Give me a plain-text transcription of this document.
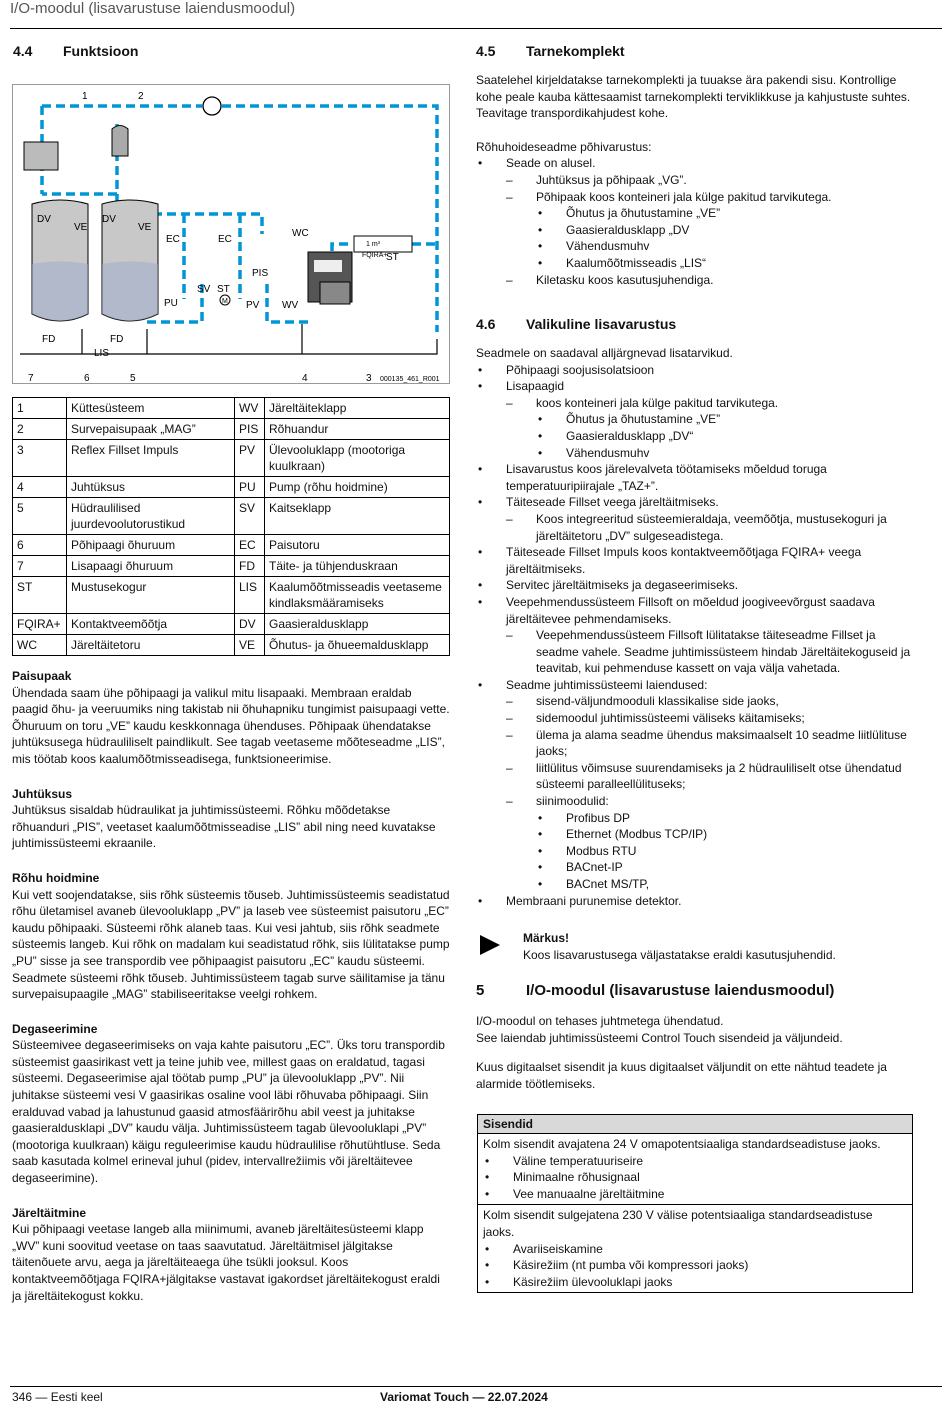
I/O-moodul (lisavarustuse laiendusmoodul)
4.4 Funktsioon
1	2
DV
VE
DV
VE
EC	EC
WC
PIS
SV ST
PU	M PV WV
FD	FD
LIS
ST
FQIRA+
1 m³
7	6	5	4	3 000135_461_R001
1	Küttesüsteem	WV	Järeltäiteklapp
2	Survepaisupaak „MAG”	PIS	Rõhuandur
3	Reflex Fillset Impuls	PV	Ülevooluklapp (mootoriga kuulkraan)
4	Juhtüksus	PU	Pump (rõhu hoidmine)
5	Hüdraulilised juurdevoolutorustikud	SV	Kaitseklapp
6	Põhipaagi õhuruum	EC	Paisutoru
7	Lisapaagi õhuruum	FD	Täite- ja tühjenduskraan
ST	Mustusekogur	LIS	Kaalumõõtmisseadis veetaseme kindlaksmääramiseks
FQIRA+	Kontaktveemõõtja	DV	Gaasieraldusklapp
WC	Järeltäitetoru	VE	Õhutus- ja õhueemaldusklapp

Paisupaak

Ühendada saam ühe põhipaagi ja valikul mitu lisapaaki. Membraan eraldab paagid õhu- ja veeruumiks ning takistab nii õhuhapniku tungimist paisupaagi vette. Õhuruum on toru „VE” kaudu keskkonnaga ühenduses. Põhipaak ühendatakse juhtüksusega hüdrauliliselt paindlikult. See tagab veetaseme mõõteseadme „LIS”, mis töötab koos kaalumõõtmisseadisega, funktsioneerimise.

Juhtüksus

Juhtüksus sisaldab hüdraulikat ja juhtimissüsteemi. Rõhku mõõdetakse rõhuanduri „PIS”, veetaset kaalumõõtmisseadise „LIS” abil ning need kuvatakse juhtimissüsteemi ekraanile.

Rõhu hoidmine

Kui vett soojendatakse, siis rõhk süsteemis tõuseb. Juhtimissüsteemis seadistatud rõhu ületamisel avaneb ülevooluklapp „PV” ja laseb vee süsteemist paisutoru „EC” kaudu põhipaaki. Süsteemi rõhk alaneb taas. Kui vesi jahtub, siis rõhk seadmete süsteemis langeb. Kui rõhk on madalam kui seadistatud rõhk, siis lülitatakse pump „PU” sisse ja see transpordib vee põhipaagist paisutoru „EC” kaudu süsteemi. Seadmete süsteemi rõhk tõuseb. Juhtimissüsteem tagab surve säilitamise ja tänu survepaisupaagile „MAG” stabiliseeritakse veelgi rohkem.

Degaseerimine

Süsteemivee degaseerimiseks on vaja kahte paisutoru „EC”. Üks toru transpordib süsteemist gaasirikast vett ja teine juhib vee, millest gaas on eraldatud, tagasi süsteemi. Degaseerimise ajal töötab pump „PU” ja ülevooluklapp „PV”. Nii juhitakse süsteemi vesi V gaasirikas osaline vool läbi rõhuvaba põhipaagi. Siin eralduvad vabad ja lahustunud gaasid atmosfäärirõhu abil veest ja juhitakse gaasieraldusklapi „DV” kaudu välja. Juhtimissüsteem tagab ülevooluklapi „PV” (mootoriga kuulkraan) käigu reguleerimise kaudu hüdraulilise rõhutühtluse. Seda saab kasutada kolmel erineval juhul (pidev, intervallrežiimis või järeltäitevee degaseerimine).

Järeltäitmine

Kui põhipaagi veetase langeb alla miinimumi, avaneb järeltäitesüsteemi klapp „WV” kuni soovitud veetase on taas saavutatud. Järeltäitmisel jälgitakse täitenõuete arvu, aega ja järeltäiteaega ühe tsükli jooksul. Koos kontaktveemõõtjaga FQIRA+jälgitakse vastavat igakordset järeltäitekogust eraldi ja järeltäitekogust kokku.

4.5 Tarnekomplekt

Saatelehel kirjeldatakse tarnekomplekti ja tuuakse ära pakendi sisu. Kontrollige kohe peale kauba kättesaamist tarnekomplekti terviklikkuse ja kahjustuste suhtes. Teavitage transpordikahjudest kohe.

Rõhuhoideseadme põhivarustus:

• Seade on alusel.
– Juhtüksus ja põhipaak „VG”.
– Põhipaak koos konteineri jala külge pakitud tarvikutega.
• Õhutus ja õhutustamine „VE”
• Gaasieraldusklapp „DV
• Vähendusmuhv
• Kaalumõõtmisseadis „LIS“
– Kiletasku koos kasutusjuhendiga.
4.6 Valikuline lisavarustus

Seadmele on saadaval alljärgnevad lisatarvikud.

• Põhipaagi soojusisolatsioon
• Lisapaagid
– koos konteineri jala külge pakitud tarvikutega.
• Õhutus ja õhutustamine „VE”
• Gaasieraldusklapp „DV“
• Vähendusmuhv
• Lisavarustus koos järelevalveta töötamiseks mõeldud toruga temperatuuripiirajale „TAZ+”.
• Täiteseade Fillset veega järeltäitmiseks.
– Koos integreeritud süsteemieraldaja, veemõõtja, mustusekoguri ja järeltäitetoru „DV” sulgeseadistega.
• Täiteseade Fillset Impuls koos kontaktveemõõtjaga FQIRA+ veega järeltäitmiseks.
• Servitec järeltäitmiseks ja degaseerimiseks.
• Veepehmendussüsteem Fillsoft on mõeldud joogiveevõrgust saadava järeltäitevee pehmendamiseks.
– Veepehmendussüsteem Fillsoft lülitatakse täiteseadme Fillset ja seadme vahele. Seadme juhtimissüsteem hindab Järeltäitekoguseid ja teavitab, kui pehmenduse kassett on vaja välja vahetada.
• Seadme juhtimissüsteemi laiendused:
– sisend-väljundmooduli klassikalise side jaoks,
– sidemoodul juhtimissüsteemi väliseks käitamiseks;
– ülema ja alama seadme ühendus maksimaalselt 10 seadme liitlülituse jaoks;
– liitlülitus võimsuse suurendamiseks ja 2 hüdrauliliselt otse ühendatud süsteemi paralleellülituseks;
– siinimoodulid:
• Profibus DP
• Ethernet (Modbus TCP/IP)
• Modbus RTU
• BACnet-IP
• BACnet MS/TP,
• Membraani purunemise detektor.

Märkus!

Koos lisavarustusega väljastatakse eraldi kasutusjuhendid.

5	I/O-moodul (lisavarustuse laiendusmoodul)

I/O-moodul on tehases juhtmetega ühendatud.

See laiendab juhtimissüsteemi Control Touch sisendeid ja väljundeid.

Kuus digitaalset sisendit ja kuus digitaalset väljundit on ette nähtud teadete ja alarmide töötlemiseks.

Sisendid

Kolm sisendit avajatena 24 V omapotentsiaaliga standardseadistuse jaoks.

• Väline temperatuuriseire
• Minimaalne rõhusignaal
• Vee manuaalne järeltäitmine

Kolm sisendit sulgejatena 230 V välise potentsiaaliga standardseadistuse jaoks.

• Avariiseiskamine
• Käsirežiim (nt pumba või kompressori jaoks)
• Käsirežiim ülevooluklapi jaoks
346 — Eesti keel	Variomat Touch — 22.07.2024
